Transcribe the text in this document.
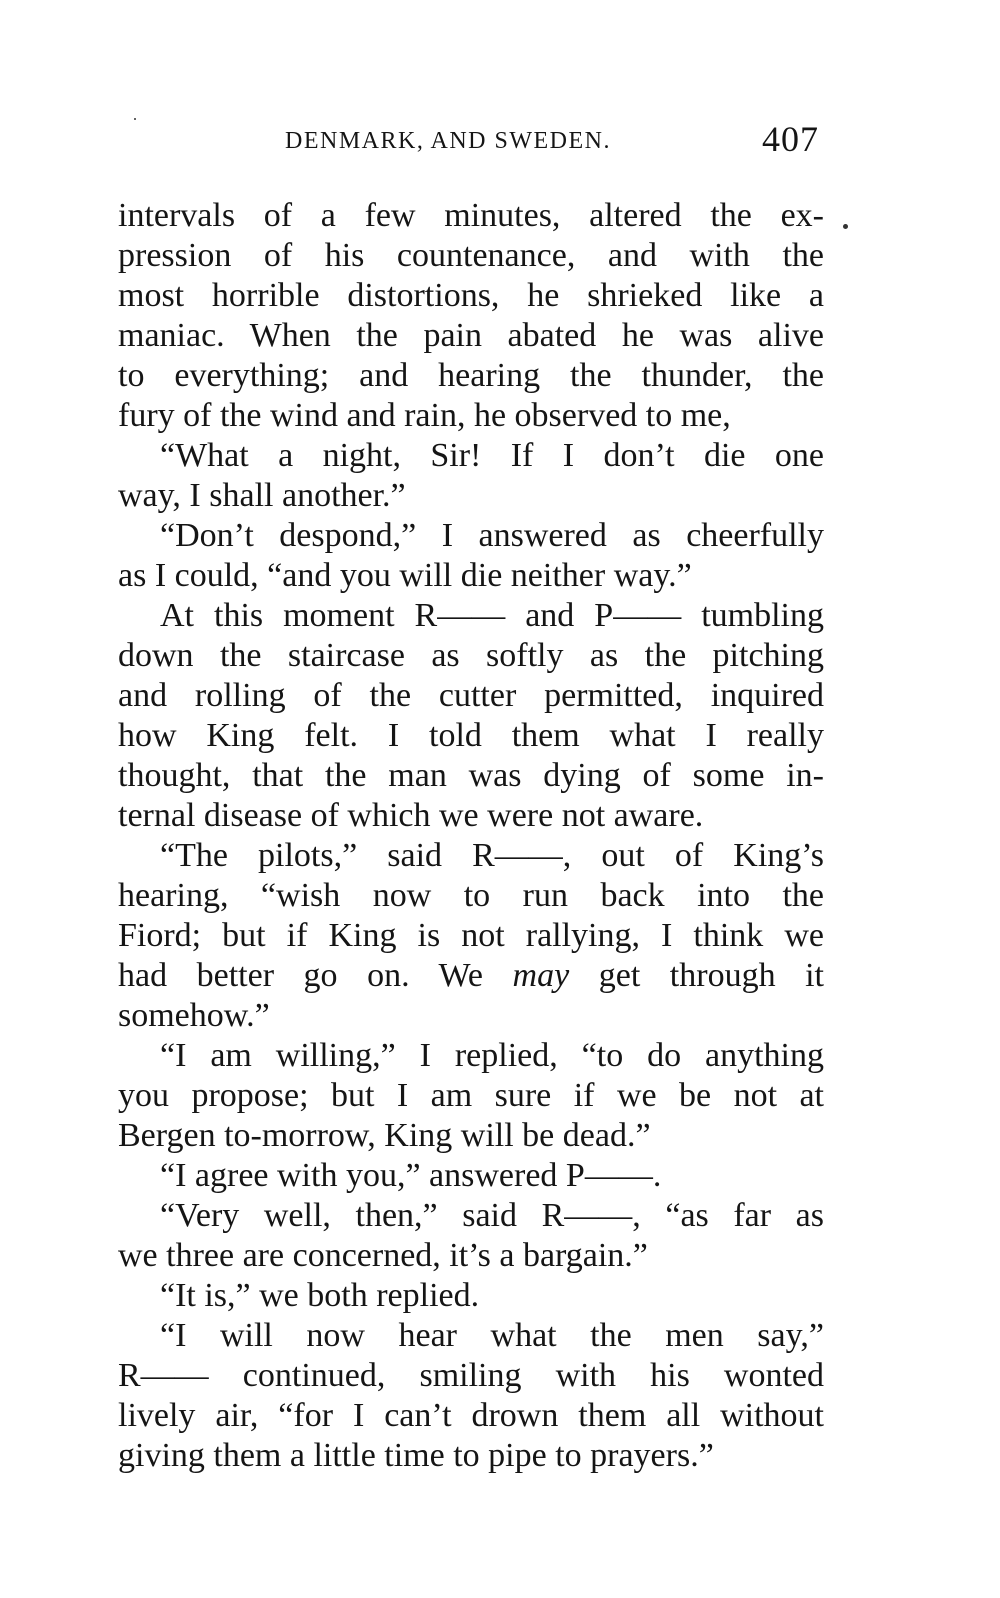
DENMARK, AND SWEDEN.	407
intervals of a few minutes, altered the ex-
pression of his countenance, and with the
most horrible distortions, he shrieked like a
maniac. When the pain abated he was alive
to everything; and hearing the thunder, the
fury of the wind and rain, he observed to me,
“What a night, Sir! If I don’t die one
way, I shall another.”
“Don’t despond,” I answered as cheerfully
as I could, “and you will die neither way.”
At this moment R—— and P—— tumbling
down the staircase as softly as the pitching
and rolling of the cutter permitted, inquired
how King felt. I told them what I really
thought, that the man was dying of some in-
ternal disease of which we were not aware.
“The pilots,” said R——, out of King’s
hearing, “wish now to run back into the
Fiord; but if King is not rallying, I think we
had better go on. We may get through it
somehow.”
“I am willing,” I replied, “to do anything
you propose; but I am sure if we be not at
Bergen to-morrow, King will be dead.”
“I agree with you,” answered P——.
“Very well, then,” said R——, “as far as
we three are concerned, it’s a bargain.”
“It is,” we both replied.
“I will now hear what the men say,”
R—— continued, smiling with his wonted
lively air, “for I can’t drown them all without
giving them a little time to pipe to prayers.”
